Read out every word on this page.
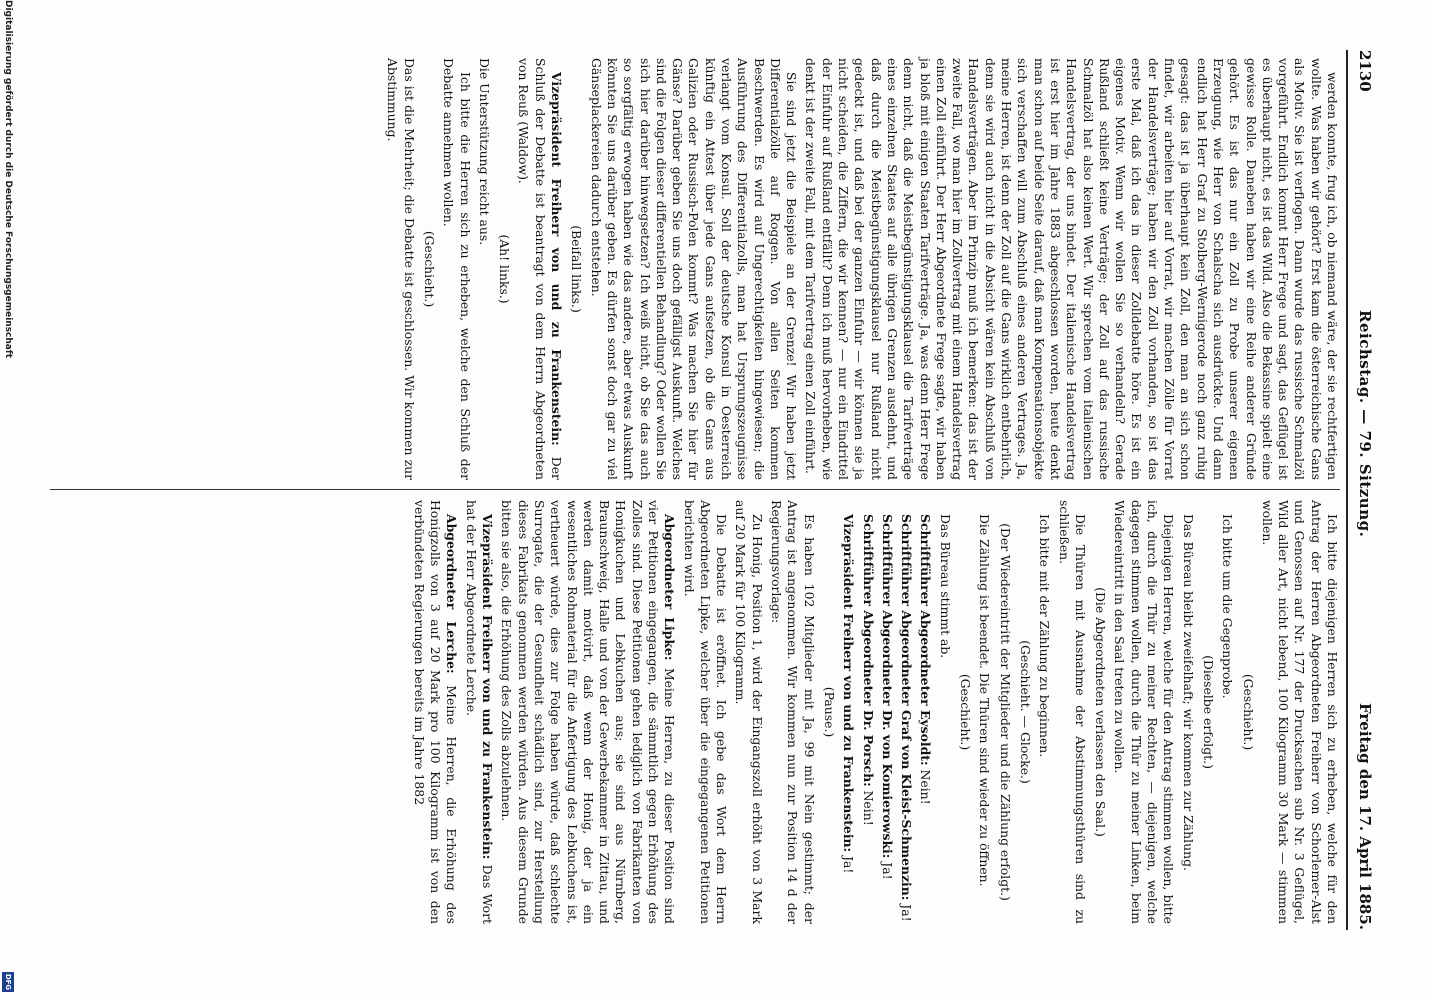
2130
Reichstag. — 79. Sitzung.
Freitag den 17. April 1885.

werden konnte, frug ich, ob niemand wäre, der sie rechtfertigen wollte. Was haben wir gehört? Erst kam die österreichische Gans als Motiv. Sie ist verflogen. Dann wurde das russische Schmalzöl vorgeführt. Endlich kommt Herr Frege und sagt, das Geflügel ist es überhaupt nicht, es ist das Wild. Also die Bekassine spielt eine gewisse Rolle. Daneben haben wir eine Reihe anderer Gründe gehört. Es ist das nur ein Zoll zu Probe unserer eigenen Erzeugung, wie Herr von Schalscha sich ausdrückte. Und dann endlich hat Herr Graf zu Stolberg-Wernigerode noch ganz ruhig gesagt: das ist ja überhaupt kein Zoll, den man an sich schon findet, wir arbeiten hier auf Vorrat, wir machen Zölle für Vorrat der Handelsverträge; haben wir den Zoll vorhanden, so ist das erste Mal, daß ich das in dieser Zolldebatte höre. Es ist ein eigenes Motiv. Wenn wir wollen Sie so verhandeln? Gerade Rußland schließt keine Verträge; der Zoll auf das russische Schmalzöl hat also keinen Wert. Wir sprechen vom italienischen Handelsvertrag, der uns bindet. Der italienische Handelsvertrag ist erst hier im Jahre 1883 abgeschlossen worden, heute denkt man schon auf beide Seite darauf, daß man Kompensationsobjekte sich verschaffen will zum Abschluß eines anderen Vertrages. Ja, meine Herren, ist denn der Zoll auf die Gans wirklich entbehrlich, denn sie wird auch nicht in die Absicht wären kein Abschluß von Handelsverträgen. Aber im Prinzip muß ich bemerken: das ist der zweite Fall, wo man hier im Zollvertrag mit einem Handelsvertrag einen Zoll einführt. Der Herr Abgeordnete Frege sagte, wir haben ja bloß mit einigen Staaten Tarifverträge. Ja, was denn Herr Frege denn nicht, daß die Meistbegünstigungsklausel die Tarifverträge eines einzelnen Staates auf alle übrigen Grenzen ausdehnt, und daß durch die Meistbegünstigungsklausel nur Rußland nicht gedeckt ist, und daß bei der ganzen Einfuhr — wir können sie ja nicht scheiden, die Ziffern, die wir kennen? — nur ein Eindrittel der Einfuhr auf Rußland entfällt? Denn ich muß hervorheben, wie denkt ist der zweite Fall, mit dem Tarifvertrag einen Zoll einführt.

Sie sind jetzt die Beispiele an der Grenze! Wir haben jetzt Differentialzölle auf Roggen. Von allen Seiten kommen Beschwerden. Es wird auf Ungerechtigkeiten hingewiesen; die Ausführung des Differentialzolls, man hat Ursprungszeugnisse verlangt vom Konsul. Soll der deutsche Konsul in Oesterreich künftig ein Attest über jede Gans aufsetzen, ob die Gans aus Galizien oder Russisch-Polen kommt? Was machen Sie hier für Gänse? Darüber geben Sie uns doch gefälligst Auskunft. Welches sind die Folgen dieser differentiellen Behandlung? Oder wollen Sie sich hier darüber hinwegsetzen? Ich weiß nicht, ob Sie das auch so sorgfältig erwogen haben wie das andere, aber etwas Auskunft könnten Sie uns darüber geben. Es dürfen sonst doch gar zu viel Gänseplackereien dadurch entstehen.

(Beifall links.)

Vizepräsident Freiherr von und zu Frankenstein: Der Schluß der Debatte ist beantragt von dem Herrn Abgeordneten von Reuß (Waldow).

(Ah! links.)

Die Unterstützung reicht aus.

Ich bitte die Herren sich zu erheben, welche den Schluß der Debatte annehmen wollen.

(Geschieht.)

Das ist die Mehrheit; die Debatte ist geschlossen. Wir kommen zur Abstimmung.

Ich bitte diejenigen Herren sich zu erheben, welche für den Antrag der Herren Abgeordneten Freiherr von Schorlemer-Alst und Genossen auf Nr. 177 der Drucksachen sub Nr. 3 Geflügel, Wild aller Art, nicht lebend, 100 Kilogramm 30 Mark — stimmen wollen.

(Geschieht.)

Ich bitte um die Gegenprobe.

(Dieselbe erfolgt.)

Das Büreau bleibt zweifelhaft; wir kommen zur Zählung.

Diejenigen Herren, welche für den Antrag stimmen wollen, bitte ich, durch die Thür zu meiner Rechten, — diejenigen, welche dagegen stimmen wollen, durch die Thür zu meiner Linken, beim Wiedereintritt in den Saal treten zu wollen.

(Die Abgeordneten verlassen den Saal.)

Die Thüren mit Ausnahme der Abstimmungsthüren sind zu schließen.

Ich bitte mit der Zählung zu beginnen.

(Geschieht. — Glocke.)

(Der Wiedereintritt der Mitglieder und die Zählung erfolgt.)

Die Zählung ist beendet. Die Thüren sind wieder zu öffnen.

(Geschieht.)

Das Büreau stimmt ab.

Schriftführer Abgeordneter Eysoldt: Nein!

Schriftführer Abgeordneter Graf von Kleist-Schmenzin: Ja!

Schriftführer Abgeordneter Dr. von Komierowski: Ja!

Schriftführer Abgeordneter Dr. Porsch: Nein!

Vizepräsident Freiherr von und zu Frankenstein: Ja!

(Pause.)

Es haben 102 Mitglieder mit Ja, 99 mit Nein gestimmt; der Antrag ist angenommen. Wir kommen nun zur Position 14 d der Regierungsvorlage:

Zu Honig, Position 1, wird der Eingangszoll erhöht von 3 Mark auf 20 Mark für 100 Kilogramm.

Die Debatte ist eröffnet. Ich gebe das Wort dem Herrn Abgeordneten Lipke, welcher über die eingegangenen Petitionen berichten wird.

Abgeordneter Lipke: Meine Herren, zu dieser Position sind vier Petitionen eingegangen, die sämmtlich gegen Erhöhung des Zolles sind. Diese Petitionen gehen lediglich von Fabrikanten von Honigkuchen und Lebkuchen aus; sie sind aus Nürnberg, Braunschweig, Halle und von der Gewerbekammer in Zittau, und werden damit motivirt, daß wenn der Honig, der ja ein wesentliches Rohmaterial für die Anfertigung des Lebkuchens ist, vertheuert würde, dies zur Folge haben würde, daß schlechte Surrogate, die der Gesundheit schädlich sind, zur Herstellung dieses Fabrikats genommen werden würden. Aus diesem Grunde bitten sie also, die Erhöhung des Zolls abzulehnen.

Vizepräsident Freiherr von und zu Frankenstein: Das Wort hat der Herr Abgeordnete Lerche.

Abgeordneter Lerche: Meine Herren, die Erhöhung des Honigzolls von 3 auf 20 Mark pro 100 Kilogramm ist von den verbündeten Regierungen bereits im Jahre 1882

Digitalisierung gefördert durch die Deutsche Forschungsgemeinschaft
DFG
